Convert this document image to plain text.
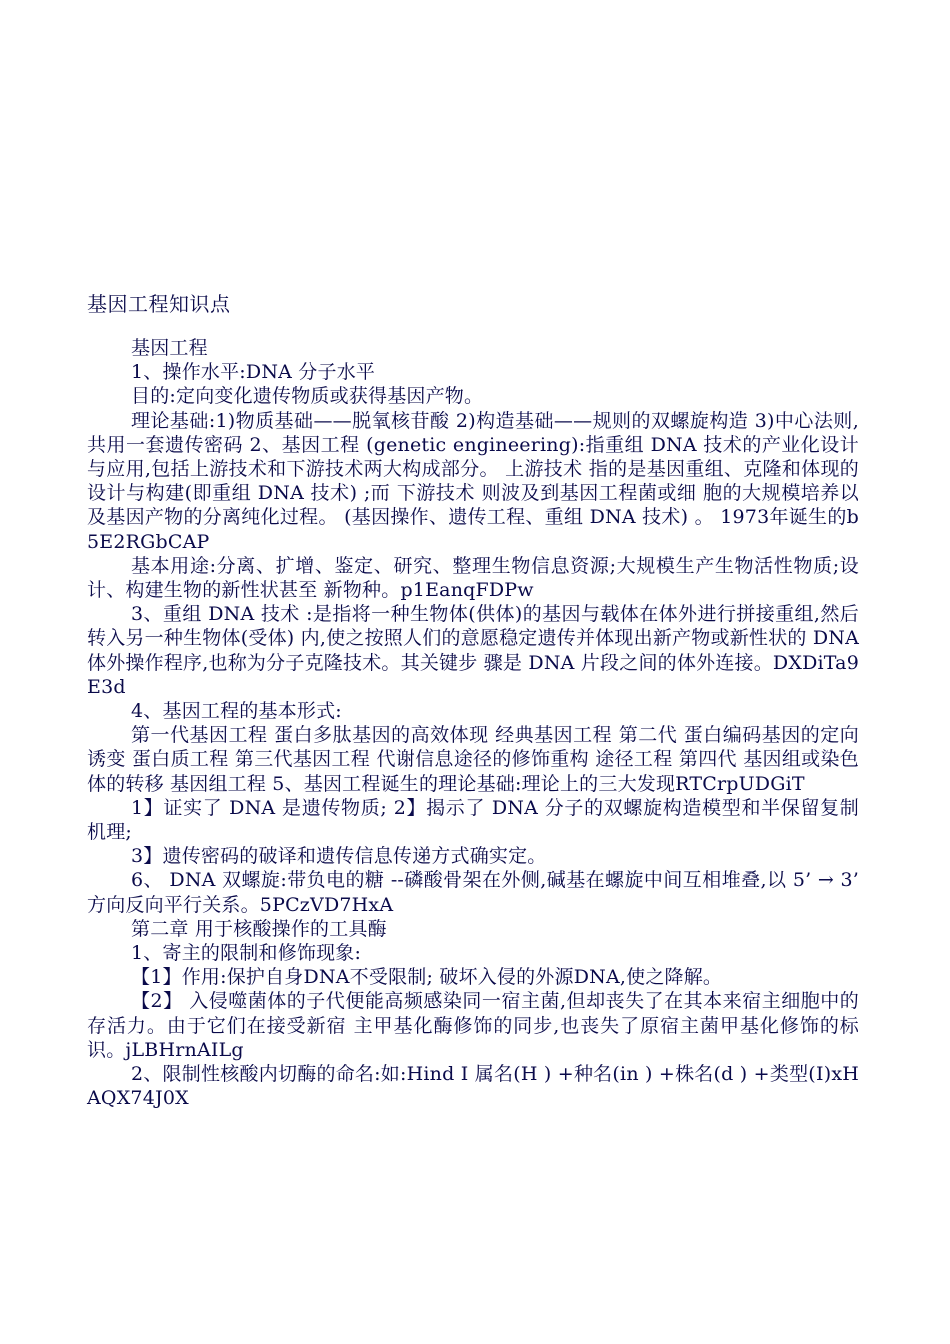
基因工程知识点

基因工程

1、操作水平:DNA 分子水平

目的:定向变化遗传物质或获得基因产物。

理论基础:1)物质基础——脱氧核苷酸 2)构造基础——规则的双螺旋构造 3)中心法则,共用一套遗传密码 2、基因工程 (genetic engineering):指重组 DNA 技术的产业化设计与应用,包括上游技术和下游技术两大构成部分。 上游技术 指的是基因重组、克隆和体现的设计与构建(即重组 DNA 技术) ;而 下游技术 则波及到基因工程菌或细 胞的大规模培养以及基因产物的分离纯化过程。 (基因操作、遗传工程、重组 DNA 技术) 。 1973年诞生的b5E2RGbCAP

基本用途:分离、扩增、鉴定、研究、整理生物信息资源;大规模生产生物活性物质;设计、构建生物的新性状甚至 新物种。p1EanqFDPw

3、重组 DNA 技术 :是指将一种生物体(供体)的基因与载体在体外进行拼接重组,然后转入另一种生物体(受体) 内,使之按照人们的意愿稳定遗传并体现出新产物或新性状的 DNA 体外操作程序,也称为分子克隆技术。其关键步 骤是 DNA 片段之间的体外连接。DXDiTa9E3d

4、基因工程的基本形式:

第一代基因工程 蛋白多肽基因的高效体现 经典基因工程 第二代 蛋白编码基因的定向诱变 蛋白质工程 第三代基因工程 代谢信息途径的修饰重构 途径工程 第四代 基因组或染色体的转移 基因组工程 5、基因工程诞生的理论基础:理论上的三大发现RTCrpUDGiT

1】证实了 DNA 是遗传物质; 2】揭示了 DNA 分子的双螺旋构造模型和半保留复制机理;

3】遗传密码的破译和遗传信息传递方式确实定。

6、 DNA 双螺旋:带负电的糖 --磷酸骨架在外侧,碱基在螺旋中间互相堆叠,以 5’ → 3’ 方向反向平行关系。5PCzVD7HxA

第二章 用于核酸操作的工具酶

1、寄主的限制和修饰现象:

【1】作用:保护自身DNA不受限制; 破坏入侵的外源DNA,使之降解。

【2】 入侵噬菌体的子代便能高频感染同一宿主菌,但却丧失了在其本来宿主细胞中的存活力。由于它们在接受新宿 主甲基化酶修饰的同步,也丧失了原宿主菌甲基化修饰的标识。jLBHrnAILg

2、限制性核酸内切酶的命名:如:Hind Ⅰ 属名(H ) +种名(in ) +株名(d ) +类型(Ⅰ)xHAQX74J0X
